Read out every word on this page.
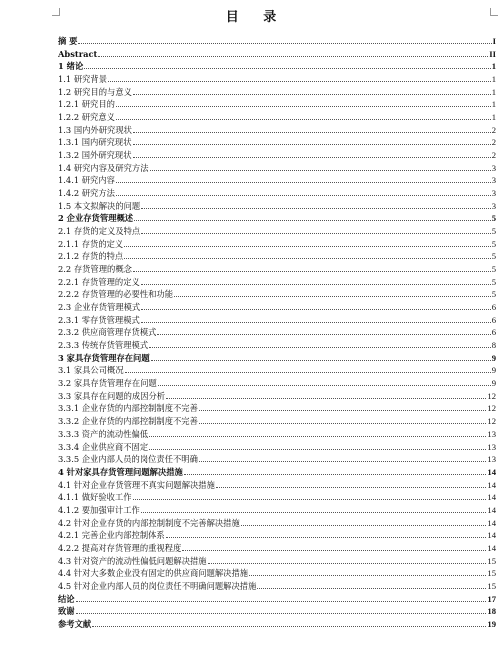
目 录
摘 要	I
Abstract	II
1 绪论	1
1.1 研究背景	1
1.2 研究目的与意义	1
1.2.1 研究目的	1
1.2.2 研究意义	1
1.3 国内外研究现状	2
1.3.1 国内研究现状	2
1.3.2 国外研究现状	2
1.4 研究内容及研究方法	3
1.4.1 研究内容	3
1.4.2 研究方法	3
1.5 本文拟解决的问题	3
2 企业存货管理概述	5
2.1 存货的定义及特点	5
2.1.1 存货的定义	5
2.1.2 存货的特点	5
2.2 存货管理的概念	5
2.2.1 存货管理的定义	5
2.2.2 存货管理的必要性和功能	5
2.3 企业存货管理模式	6
2.3.1 零存货管理模式	6
2.3.2 供应商管理存货模式	6
2.3.3 传统存货管理模式	8
3 家具存货管理存在问题	9
3.1 家具公司概况	9
3.2 家具存货管理存在问题	9
3.3 家具存在问题的成因分析	12
3.3.1 企业存货的内部控制制度不完善	12
3.3.2 企业存货的内部控制制度不完善	12
3.3.3 资产的流动性偏低	13
3.3.4 企业供应商不固定	13
3.3.5 企业内部人员的岗位责任不明确	13
4 针对家具存货管理问题解决措施	14
4.1 针对企业存货管理不真实问题解决措施	14
4.1.1 做好验收工作	14
4.1.2 要加强审计工作	14
4.2 针对企业存货的内部控制制度不完善解决措施	14
4.2.1 完善企业内部控制体系	14
4.2.2 提高对存货管理的重视程度	14
4.3 针对资产的流动性偏低问题解决措施	15
4.4 针对大多数企业没有固定的供应商问题解决措施	15
4.5 针对企业内部人员的岗位责任不明确问题解决措施	15
结论	17
致谢	18
参考文献	19
